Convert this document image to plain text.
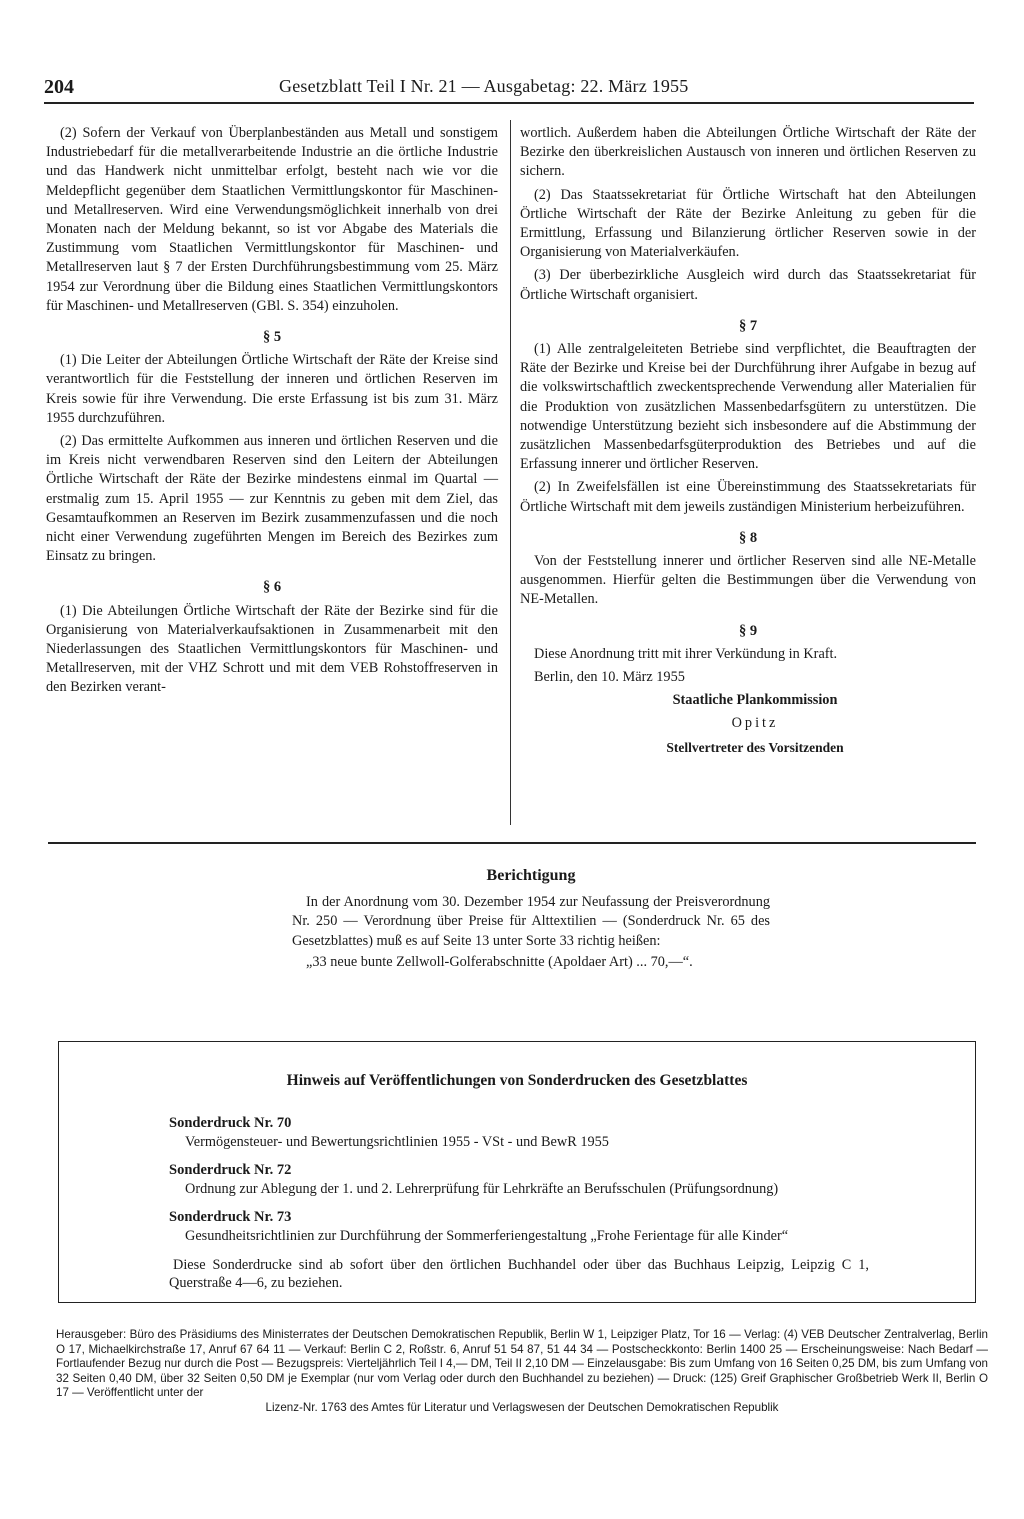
204	Gesetzblatt Teil I Nr. 21 — Ausgabetag: 22. März 1955

(2) Sofern der Verkauf von Überplanbeständen aus Metall und sonstigem Industriebedarf für die metallverarbeitende Industrie an die örtliche Industrie und das Handwerk nicht unmittelbar erfolgt, besteht nach wie vor die Meldepflicht gegenüber dem Staatlichen Vermittlungskontor für Maschinen- und Metallreserven. Wird eine Verwendungsmöglichkeit innerhalb von drei Monaten nach der Meldung bekannt, so ist vor Abgabe des Materials die Zustimmung vom Staatlichen Vermittlungskontor für Maschinen- und Metallreserven laut § 7 der Ersten Durchführungsbestimmung vom 25. März 1954 zur Verordnung über die Bildung eines Staatlichen Vermittlungskontors für Maschinen- und Metallreserven (GBl. S. 354) einzuholen.

§ 5

(1) Die Leiter der Abteilungen Örtliche Wirtschaft der Räte der Kreise sind verantwortlich für die Feststellung der inneren und örtlichen Reserven im Kreis sowie für ihre Verwendung. Die erste Erfassung ist bis zum 31. März 1955 durchzuführen.

(2) Das ermittelte Aufkommen aus inneren und örtlichen Reserven und die im Kreis nicht verwendbaren Reserven sind den Leitern der Abteilungen Örtliche Wirtschaft der Räte der Bezirke mindestens einmal im Quartal — erstmalig zum 15. April 1955 — zur Kenntnis zu geben mit dem Ziel, das Gesamtaufkommen an Reserven im Bezirk zusammenzufassen und die noch nicht einer Verwendung zugeführten Mengen im Bereich des Bezirkes zum Einsatz zu bringen.

§ 6

(1) Die Abteilungen Örtliche Wirtschaft der Räte der Bezirke sind für die Organisierung von Materialverkaufsaktionen in Zusammenarbeit mit den Niederlassungen des Staatlichen Vermittlungskontors für Maschinen- und Metallreserven, mit der VHZ Schrott und mit dem VEB Rohstoffreserven in den Bezirken verant-

wortlich. Außerdem haben die Abteilungen Örtliche Wirtschaft der Räte der Bezirke den überkreislichen Austausch von inneren und örtlichen Reserven zu sichern.

(2) Das Staatssekretariat für Örtliche Wirtschaft hat den Abteilungen Örtliche Wirtschaft der Räte der Bezirke Anleitung zu geben für die Ermittlung, Erfassung und Bilanzierung örtlicher Reserven sowie in der Organisierung von Materialverkäufen.

(3) Der überbezirkliche Ausgleich wird durch das Staatssekretariat für Örtliche Wirtschaft organisiert.

§ 7

(1) Alle zentralgeleiteten Betriebe sind verpflichtet, die Beauftragten der Räte der Bezirke und Kreise bei der Durchführung ihrer Aufgabe in bezug auf die volkswirtschaftlich zweckentsprechende Verwendung aller Materialien für die Produktion von zusätzlichen Massenbedarfsgütern zu unterstützen. Die notwendige Unterstützung bezieht sich insbesondere auf die Abstimmung der zusätzlichen Massenbedarfsgüterproduktion des Betriebes und auf die Erfassung innerer und örtlicher Reserven.

(2) In Zweifelsfällen ist eine Übereinstimmung des Staatssekretariats für Örtliche Wirtschaft mit dem jeweils zuständigen Ministerium herbeizuführen.

§ 8

Von der Feststellung innerer und örtlicher Reserven sind alle NE-Metalle ausgenommen. Hierfür gelten die Bestimmungen über die Verwendung von NE-Metallen.

§ 9

Diese Anordnung tritt mit ihrer Verkündung in Kraft.

Berlin, den 10. März 1955

Staatliche Plankommission

Opitz

Stellvertreter des Vorsitzenden

Berichtigung

In der Anordnung vom 30. Dezember 1954 zur Neufassung der Preisverordnung Nr. 250 — Verordnung über Preise für Alttextilien — (Sonderdruck Nr. 65 des Gesetzblattes) muß es auf Seite 13 unter Sorte 33 richtig heißen:

„33 neue bunte Zellwoll-Golferabschnitte (Apoldaer Art) ... 70,—“.

Hinweis auf Veröffentlichungen von Sonderdrucken des Gesetzblattes
Sonderdruck Nr. 70
Vermögensteuer- und Bewertungsrichtlinien 1955 - VSt - und BewR 1955
Sonderdruck Nr. 72
Ordnung zur Ablegung der 1. und 2. Lehrerprüfung für Lehrkräfte an Berufsschulen (Prüfungsordnung)
Sonderdruck Nr. 73
Gesundheitsrichtlinien zur Durchführung der Sommerferiengestaltung „Frohe Ferientage für alle Kinder“

Diese Sonderdrucke sind ab sofort über den örtlichen Buchhandel oder über das Buchhaus Leipzig, Leipzig C 1, Querstraße 4—6, zu beziehen.

Herausgeber: Büro des Präsidiums des Ministerrates der Deutschen Demokratischen Republik, Berlin W 1, Leipziger Platz, Tor 16 — Verlag: (4) VEB Deutscher Zentralverlag, Berlin O 17, Michaelkirchstraße 17, Anruf 67 64 11 — Verkauf: Berlin C 2, Roßstr. 6, Anruf 51 54 87, 51 44 34 — Postscheckkonto: Berlin 1400 25 — Erscheinungsweise: Nach Bedarf — Fortlaufender Bezug nur durch die Post — Bezugspreis: Vierteljährlich Teil I 4,— DM, Teil II 2,10 DM — Einzelausgabe: Bis zum Umfang von 16 Seiten 0,25 DM, bis zum Umfang von 32 Seiten 0,40 DM, über 32 Seiten 0,50 DM je Exemplar (nur vom Verlag oder durch den Buchhandel zu beziehen) — Druck: (125) Greif Graphischer Großbetrieb Werk II, Berlin O 17 — Veröffentlicht unter der

Lizenz-Nr. 1763 des Amtes für Literatur und Verlagswesen der Deutschen Demokratischen Republik
